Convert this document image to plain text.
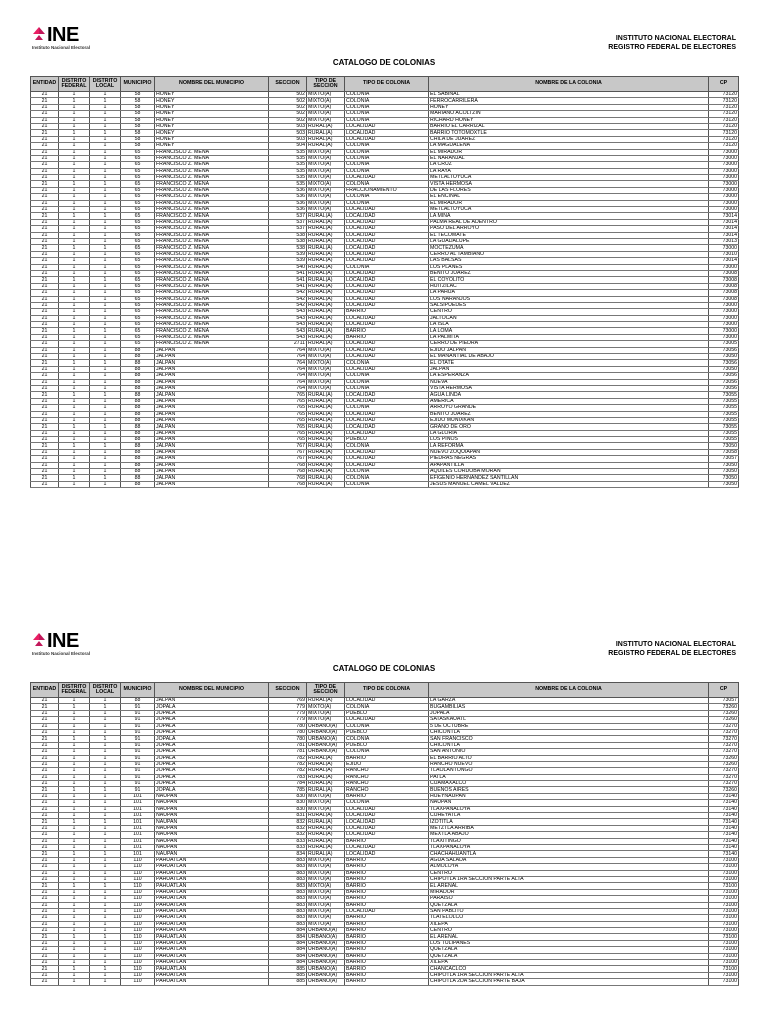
INE
Instituto Nacional Electoral
INSTITUTO NACIONAL ELECTORAL
REGISTRO FEDERAL DE ELECTORES
CATALOGO DE COLONIAS
ENTIDAD	DISTRITO FEDERAL	DISTRITO LOCAL	MUNICIPIO	NOMBRE DEL MUNICIPIO	SECCION	TIPO DE SECCION	TIPO DE COLONIA	NOMBRE DE LA COLONIA	CP
21	1	1	58	HONEY	502	MIXTO(A)	COLONIA	EL SABINAL	73120
21	1	1	58	HONEY	502	MIXTO(A)	COLONIA	FERROCARRILERA	73120
21	1	1	58	HONEY	502	MIXTO(A)	COLONIA	HONEY	73120
21	1	1	58	HONEY	502	MIXTO(A)	COLONIA	MARIANO ACOLTZIN	73120
21	1	1	58	HONEY	502	MIXTO(A)	COLONIA	RICHARD HONEY	73120
21	1	1	58	HONEY	503	RURAL(A)	LOCALIDAD	BARRIO EL CARRIZAL	73120
21	1	1	58	HONEY	503	RURAL(A)	LOCALIDAD	BARRIO TOTOMOXTLE	73120
21	1	1	58	HONEY	503	RURAL(A)	LOCALIDAD	CHILA DE JUAREZ	73120
21	1	1	58	HONEY	504	RURAL(A)	COLONIA	LA MAGDALENA	73120
21	1	1	65	FRANCISCO Z. MENA	535	MIXTO(A)	COLONIA	EL MIRADOR	73000
21	1	1	65	FRANCISCO Z. MENA	535	MIXTO(A)	COLONIA	EL NARANJAL	73000
21	1	1	65	FRANCISCO Z. MENA	535	MIXTO(A)	COLONIA	LA CRUZ	73000
21	1	1	65	FRANCISCO Z. MENA	535	MIXTO(A)	COLONIA	LA RAYA	73000
21	1	1	65	FRANCISCO Z. MENA	535	MIXTO(A)	LOCALIDAD	METLALTOYUCA	73000
21	1	1	65	FRANCISCO Z. MENA	535	MIXTO(A)	COLONIA	VISTA HERMOSA	73000
21	1	1	65	FRANCISCO Z. MENA	536	MIXTO(A)	FRACCIONAMIENTO	DE LAS FLORES	73000
21	1	1	65	FRANCISCO Z. MENA	536	MIXTO(A)	COLONIA	EL ENCINAL	73000
21	1	1	65	FRANCISCO Z. MENA	536	MIXTO(A)	COLONIA	EL MIRADOR	73000
21	1	1	65	FRANCISCO Z. MENA	536	MIXTO(A)	LOCALIDAD	METLALTOYUCA	73000
21	1	1	65	FRANCISCO Z. MENA	537	RURAL(A)	LOCALIDAD	LA MINA	73014
21	1	1	65	FRANCISCO Z. MENA	537	RURAL(A)	LOCALIDAD	PALMA REAL DE ADENTRO	73014
21	1	1	65	FRANCISCO Z. MENA	537	RURAL(A)	LOCALIDAD	PASO DEL ARROYO	73014
21	1	1	65	FRANCISCO Z. MENA	538	RURAL(A)	LOCALIDAD	EL TECOMATE	73014
21	1	1	65	FRANCISCO Z. MENA	538	RURAL(A)	LOCALIDAD	LA GUADALUPE	73013
21	1	1	65	FRANCISCO Z. MENA	538	RURAL(A)	LOCALIDAD	MOCTEZUMA	73000
21	1	1	65	FRANCISCO Z. MENA	539	RURAL(A)	LOCALIDAD	CERRO AL TAMBIANO	73010
21	1	1	65	FRANCISCO Z. MENA	539	RURAL(A)	LOCALIDAD	LAS BALSAS	73014
21	1	1	65	FRANCISCO Z. MENA	540	RURAL(A)	COLONIA	LOS PLANES	73000
21	1	1	65	FRANCISCO Z. MENA	541	RURAL(A)	LOCALIDAD	BENITO JUAREZ	73008
21	1	1	65	FRANCISCO Z. MENA	541	RURAL(A)	LOCALIDAD	EL COYOLITO	73008
21	1	1	65	FRANCISCO Z. MENA	541	RURAL(A)	LOCALIDAD	HUITZILAC	73008
21	1	1	65	FRANCISCO Z. MENA	542	RURAL(A)	LOCALIDAD	LA PAHUA	73008
21	1	1	65	FRANCISCO Z. MENA	542	RURAL(A)	LOCALIDAD	LOS NARANJOS	73008
21	1	1	65	FRANCISCO Z. MENA	542	RURAL(A)	LOCALIDAD	SALSIPUEDES	73000
21	1	1	65	FRANCISCO Z. MENA	543	RURAL(A)	BARRIO	CENTRO	73000
21	1	1	65	FRANCISCO Z. MENA	543	RURAL(A)	LOCALIDAD	JALTOCAN	73000
21	1	1	65	FRANCISCO Z. MENA	543	RURAL(A)	LOCALIDAD	LA ISLA	73000
21	1	1	65	FRANCISCO Z. MENA	543	RURAL(A)	BARRIO	LA LOMA	73000
21	1	1	65	FRANCISCO Z. MENA	543	RURAL(A)	BARRIO	LA PALMITA	73000
21	1	1	65	FRANCISCO Z. MENA	2711	RURAL(A)	LOCALIDAD	CERRO DE PIEDRA	73005
21	1	1	88	JALPAN	764	MIXTO(A)	LOCALIDAD	EJIDO JALPAN	73056
21	1	1	88	JALPAN	764	MIXTO(A)	LOCALIDAD	EL MANANTIAL DE ABAJO	73050
21	1	1	88	JALPAN	764	MIXTO(A)	COLONIA	EL OTATE	73056
21	1	1	88	JALPAN	764	MIXTO(A)	LOCALIDAD	JALPAN	73050
21	1	1	88	JALPAN	764	MIXTO(A)	COLONIA	LA ESPERANZA	73056
21	1	1	88	JALPAN	764	MIXTO(A)	COLONIA	NUEVA	73056
21	1	1	88	JALPAN	764	MIXTO(A)	COLONIA	VISTA HERMOSA	73056
21	1	1	88	JALPAN	765	RURAL(A)	LOCALIDAD	AGUA LINDA	73055
21	1	1	88	JALPAN	765	RURAL(A)	LOCALIDAD	AMERICA	73055
21	1	1	88	JALPAN	765	RURAL(A)	COLONIA	ARROYO GRANDE	73055
21	1	1	88	JALPAN	765	RURAL(A)	LOCALIDAD	BENITO JUAREZ	73055
21	1	1	88	JALPAN	765	RURAL(A)	LOCALIDAD	EJIDO MUNIXKAN	73055
21	1	1	88	JALPAN	765	RURAL(A)	LOCALIDAD	GRANO DE ORO	73055
21	1	1	88	JALPAN	765	RURAL(A)	LOCALIDAD	LA GLORIA	73055
21	1	1	88	JALPAN	765	RURAL(A)	PUEBLO	LOS PINOS	73055
21	1	1	88	JALPAN	767	RURAL(A)	COLONIA	LA REFORMA	73050
21	1	1	88	JALPAN	767	RURAL(A)	LOCALIDAD	NUEVO ZOQUIAPAN	73058
21	1	1	88	JALPAN	767	RURAL(A)	LOCALIDAD	PIEDRAS NEGRAS	73057
21	1	1	88	JALPAN	768	RURAL(A)	LOCALIDAD	APAPANTILLA	73050
21	1	1	88	JALPAN	768	RURAL(A)	COLONIA	AQUILES CORDOBA MORAN	73050
21	1	1	88	JALPAN	768	RURAL(A)	COLONIA	EFIGENIO HERNANDEZ SANTILLAN	73050
21	1	1	88	JALPAN	768	RURAL(A)	COLONIA	JESUS MANUEL CAMEL VALDEZ	73050
INE
Instituto Nacional Electoral
INSTITUTO NACIONAL ELECTORAL
REGISTRO FEDERAL DE ELECTORES
CATALOGO DE COLONIAS
ENTIDAD	DISTRITO FEDERAL	DISTRITO LOCAL	MUNICIPIO	NOMBRE DEL MUNICIPIO	SECCION	TIPO DE SECCION	TIPO DE COLONIA	NOMBRE DE LA COLONIA	CP
21	1	1	88	JALPAN	769	RURAL(A)	LOCALIDAD	LA GARZA	73057
21	1	1	91	JOPALA	779	MIXTO(A)	COLONIA	BUGAMBILIAS	73260
21	1	1	91	JOPALA	779	MIXTO(A)	PUEBLO	JOPALA	73260
21	1	1	91	JOPALA	779	MIXTO(A)	LOCALIDAD	SATASKAUATL	73260
21	1	1	91	JOPALA	780	URBANO(A)	COLONIA	5 DE OCTUBRE	73270
21	1	1	91	JOPALA	780	URBANO(A)	PUEBLO	CHICONTLA	73270
21	1	1	91	JOPALA	780	URBANO(A)	COLONIA	SAN FRANCISCO	73270
21	1	1	91	JOPALA	781	URBANO(A)	PUEBLO	CHICONTLA	73270
21	1	1	91	JOPALA	781	URBANO(A)	COLONIA	SAN ANTONIO	73270
21	1	1	91	JOPALA	782	RURAL(A)	BARRIO	EL BARRIO ALTO	73260
21	1	1	91	JOPALA	782	RURAL(A)	EJIDO	RANCHO NUEVO	73260
21	1	1	91	JOPALA	782	RURAL(A)	RANCHO	TLAOLANTONGO	73270
21	1	1	91	JOPALA	783	RURAL(A)	RANCHO	PATLA	73270
21	1	1	91	JOPALA	784	RURAL(A)	RANCHO	CUAMAXALCO	73270
21	1	1	91	JOPALA	785	RURAL(A)	RANCHO	BUENOS AIRES	73260
21	1	1	101	NAUPAN	830	MIXTO(A)	BARRIO	HUEYNAUPAN	73140
21	1	1	101	NAUPAN	830	MIXTO(A)	COLONIA	NAUPAN	73140
21	1	1	101	NAUPAN	830	MIXTO(A)	LOCALIDAD	TLAXPANALOYA	73140
21	1	1	101	NAUPAN	831	RURAL(A)	LOCALIDAD	CUHEYATLA	73140
21	1	1	101	NAUPAN	832	RURAL(A)	LOCALIDAD	IZOTITLA	73140
21	1	1	101	NAUPAN	832	RURAL(A)	LOCALIDAD	METZTLA ARRIBA	73140
21	1	1	101	NAUPAN	832	RURAL(A)	LOCALIDAD	MEXTLA ABAJO	73140
21	1	1	101	NAUPAN	833	RURAL(A)	BARRIO	TLAXITINGO	73140
21	1	1	101	NAUPAN	833	RURAL(A)	LOCALIDAD	TLAXPANALOYA	73140
21	1	1	101	NAUPAN	834	RURAL(A)	LOCALIDAD	CHACHAHUANTLA	73140
21	1	1	110	PAHUATLAN	883	MIXTO(A)	BARRIO	AGUA SALADA	73100
21	1	1	110	PAHUATLAN	883	MIXTO(A)	BARRIO	ALMOLOYA	73100
21	1	1	110	PAHUATLAN	883	MIXTO(A)	BARRIO	CENTRO	73100
21	1	1	110	PAHUATLAN	883	MIXTO(A)	BARRIO	CHIPOTLA 1RA SECCION PARTE ALTA	73100
21	1	1	110	PAHUATLAN	883	MIXTO(A)	BARRIO	EL ARENAL	73100
21	1	1	110	PAHUATLAN	883	MIXTO(A)	BARRIO	MIRADOR	73100
21	1	1	110	PAHUATLAN	883	MIXTO(A)	BARRIO	PARAISO	73100
21	1	1	110	PAHUATLAN	883	MIXTO(A)	BARRIO	QUETZALA	73100
21	1	1	110	PAHUATLAN	883	MIXTO(A)	LOCALIDAD	SAN PABLITO	73100
21	1	1	110	PAHUATLAN	883	MIXTO(A)	BARRIO	TLATELOLCO	73100
21	1	1	110	PAHUATLAN	883	MIXTO(A)	BARRIO	XILEPA	73100
21	1	1	110	PAHUATLAN	884	URBANO(A)	BARRIO	CENTRO	73100
21	1	1	110	PAHUATLAN	884	URBANO(A)	BARRIO	EL ARENAL	73100
21	1	1	110	PAHUATLAN	884	URBANO(A)	BARRIO	LOS TULIPANES	73100
21	1	1	110	PAHUATLAN	884	URBANO(A)	BARRIO	QUETZALA	73100
21	1	1	110	PAHUATLAN	884	URBANO(A)	BARRIO	QUETZALA	73100
21	1	1	110	PAHUATLAN	884	URBANO(A)	BARRIO	XILEPA	73100
21	1	1	110	PAHUATLAN	885	URBANO(A)	BARRIO	CHANCACLCO	73100
21	1	1	110	PAHUATLAN	885	URBANO(A)	BARRIO	CHIPOTLA 1RA SECCION PARTE ALTA	73100
21	1	1	110	PAHUATLAN	885	URBANO(A)	BARRIO	CHIPOTLA 2DA SECCION PARTE BAJA	73100
